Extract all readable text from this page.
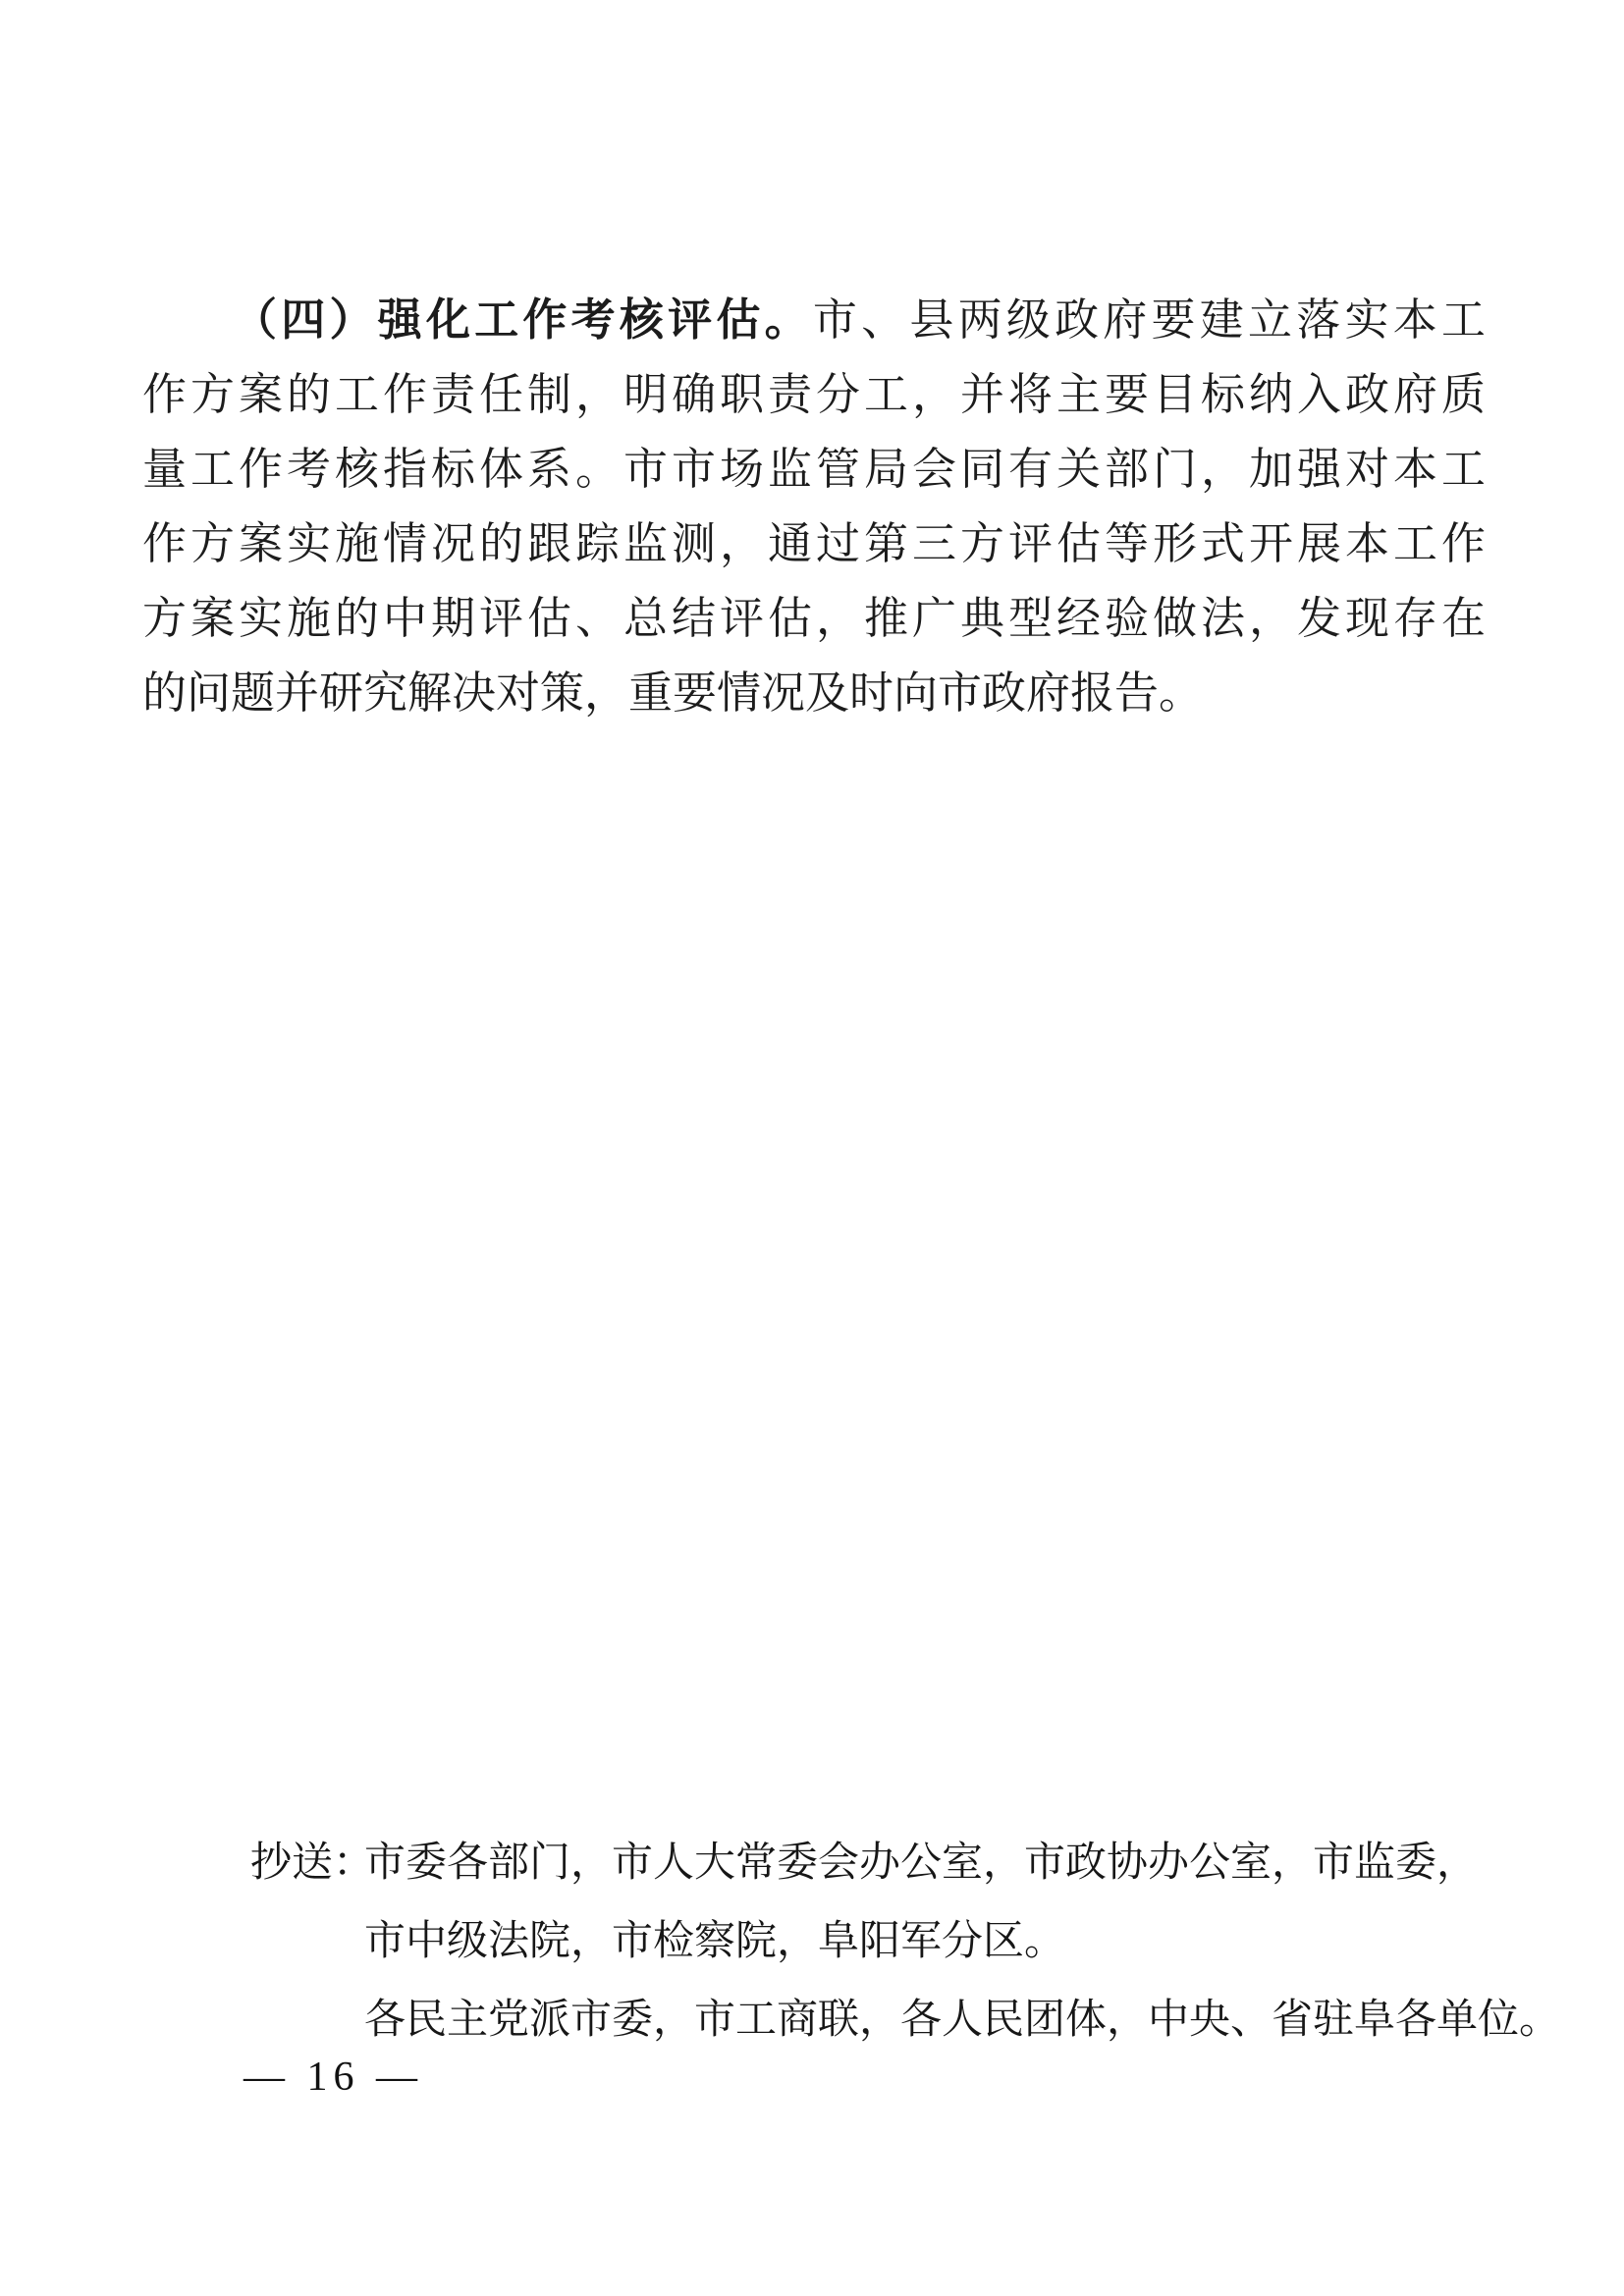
（四）强化工作考核评估。市、县两级政府要建立落实本工
作方案的工作责任制，明确职责分工，并将主要目标纳入政府质
量工作考核指标体系。市市场监管局会同有关部门，加强对本工
作方案实施情况的跟踪监测，通过第三方评估等形式开展本工作
方案实施的中期评估、总结评估，推广典型经验做法，发现存在
的问题并研究解决对策，重要情况及时向市政府报告。
抄送：市委各部门，市人大常委会办公室，市政协办公室，市监委，
市中级法院，市检察院，阜阳军分区。
各民主党派市委，市工商联，各人民团体，中央、省驻阜各单位。
— 16 —
